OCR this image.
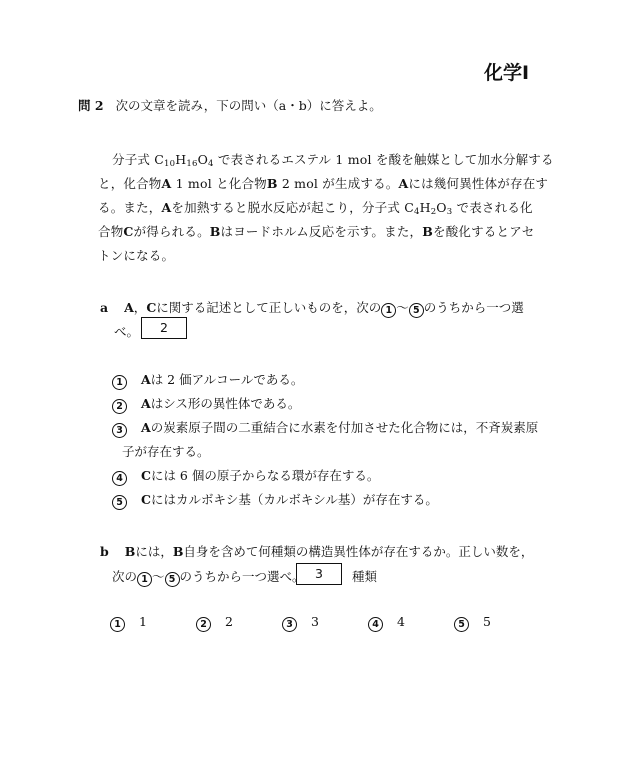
化学Ⅰ
問 2 次の文章を読み，下の問い（a・b）に答えよ。
分子式 $C_{10}H_{16}O_4$ で表されるエステル 1 mol を酸を触媒として加水分解する
と，化合物A 1 mol と化合物B 2 mol が生成する。Aには幾何異性体が存在す
る。また，Aを加熱すると脱水反応が起こり，分子式 $C_4H_2O_3$ で表される化
合物Cが得られる。Bはヨードホルム反応を示す。また，Bを酸化するとアセ
トンになる。
a A，Cに関する記述として正しいものを，次の 1 〜 5 のうちから一つ選
べ。	2
1 Aは 2 価アルコールである。
2 Aはシス形の異性体である。
3 Aの炭素原子間の二重結合に水素を付加させた化合物には，不斉炭素原
子が存在する。
4 Cには 6 個の原子からなる環が存在する。
5 Cにはカルボキシ基（カルボキシル基）が存在する。
b Bには，B自身を含めて何種類の構造異性体が存在するか。正しい数を，
次の 1 〜 5 のうちから一つ選べ。 3	種類
1 1	2 2	3 3	4 4	5 5
